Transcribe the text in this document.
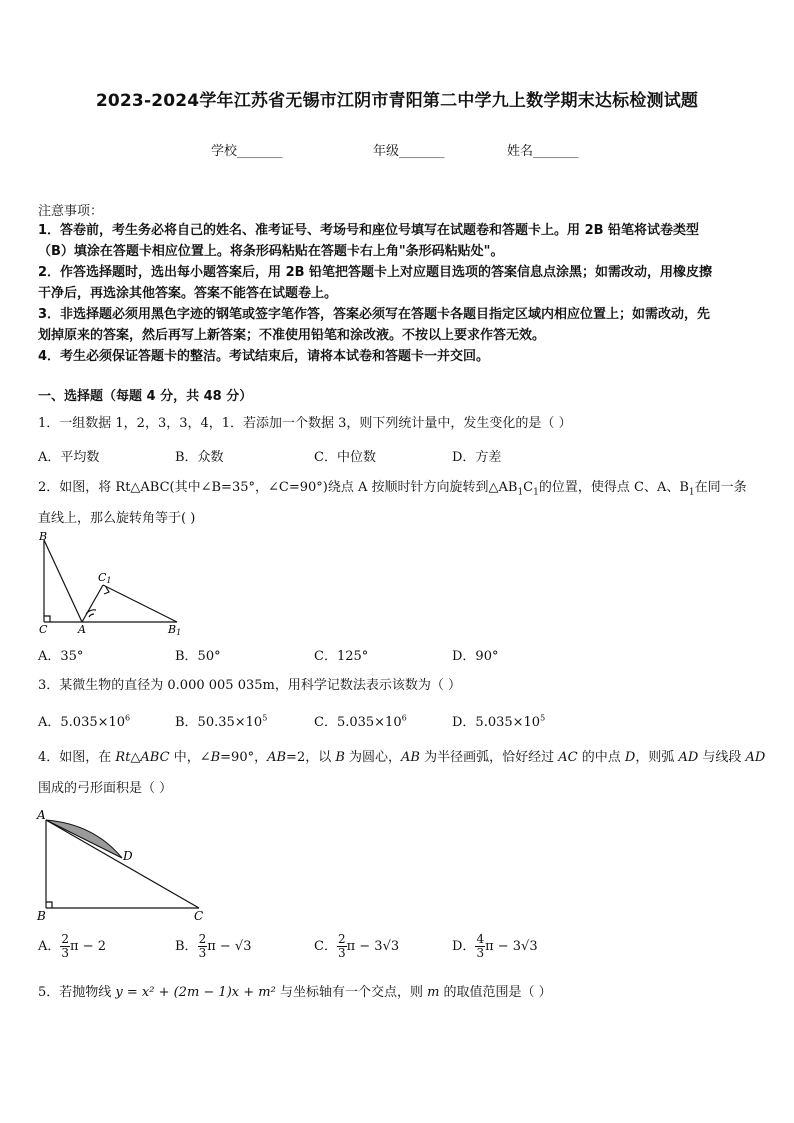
2023-2024学年江苏省无锡市江阴市青阳第二中学九上数学期末达标检测试题
学校_______	年级_______	姓名_______
注意事项：
1．答卷前，考生务必将自己的姓名、准考证号、考场号和座位号填写在试题卷和答题卡上。用 2B 铅笔将试卷类型
（B）填涂在答题卡相应位置上。将条形码粘贴在答题卡右上角"条形码粘贴处"。
2．作答选择题时，选出每小题答案后，用 2B 铅笔把答题卡上对应题目选项的答案信息点涂黑；如需改动，用橡皮擦
干净后，再选涂其他答案。答案不能答在试题卷上。
3．非选择题必须用黑色字迹的钢笔或签字笔作答，答案必须写在答题卡各题目指定区域内相应位置上；如需改动，先
划掉原来的答案，然后再写上新答案；不准使用铅笔和涂改液。不按以上要求作答无效。
4．考生必须保证答题卡的整洁。考试结束后，请将本试卷和答题卡一并交回。
一、选择题（每题 4 分，共 48 分）
1．一组数据 1，2，3，3，4，1．若添加一个数据 3，则下列统计量中，发生变化的是（ ）
A．平均数	B．众数	C．中位数	D．方差
2．如图，将 Rt△ABC(其中∠B=35°，∠C=90°)绕点 A 按顺时针方向旋转到$\triangle AB_1C_1$的位置，使得点 C、A、$B_1$在同一条
直线上，那么旋转角等于( )
B
C	A
C1
B1
A．35°	B．50°	C．125°	D．90°
3．某微生物的直径为 0.000 005 035m，用科学记数法表示该数为（ ）
A．$5.035\times 10^6$	B．$50.35\times 10^5$	C．$5.035\times 10^6$	D．$5.035\times 10^5$
4．如图，在 Rt△ABC 中，∠B=90°，AB=2，以 B 为圆心，AB 为半径画弧，恰好经过 AC 的中点 D，则弧 AD 与线段 AD
围成的弓形面积是（ ）
A
B	C
D
A． $\frac{2}{3}$ π − 2	B． $\frac{2}{3}$ π − √3	C． $\frac{2}{3}$ π − 3√3	D． $\frac{4}{3}$ π − 3√3
5．若抛物线 y = x² + (2m − 1)x + m² 与坐标轴有一个交点，则 m 的取值范围是（ ）
